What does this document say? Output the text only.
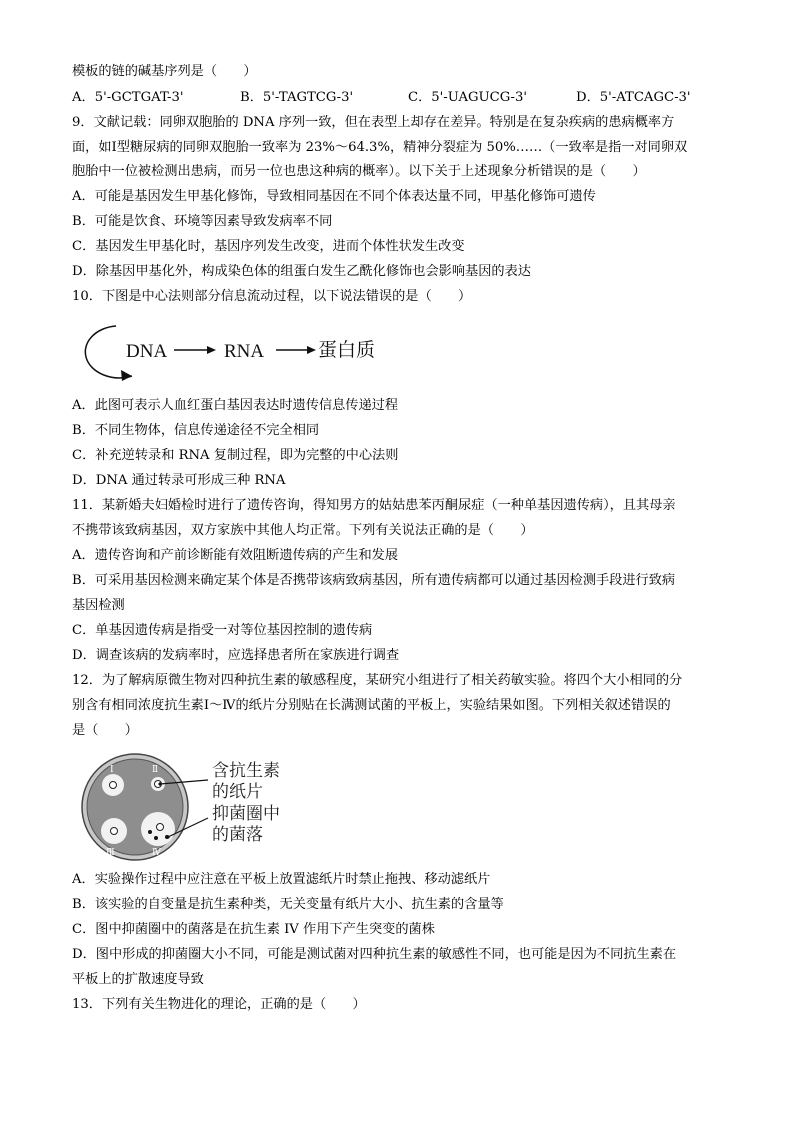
模板的链的碱基序列是（　　）
A．5'-GCTGAT-3'	B．5'-TAGTCG-3'	C．5'-UAGUCG-3'	D．5'-ATCAGC-3'
9．文献记载：同卵双胞胎的 DNA 序列一致，但在表型上却存在差异。特别是在复杂疾病的患病概率方
面，如Ⅰ型糖尿病的同卵双胞胎一致率为 23%～64.3%，精神分裂症为 50%……（一致率是指一对同卵双
胞胎中一位被检测出患病，而另一位也患这种病的概率）。以下关于上述现象分析错误的是（　　）
A．可能是基因发生甲基化修饰，导致相同基因在不同个体表达量不同，甲基化修饰可遗传
B．可能是饮食、环境等因素导致发病率不同
C．基因发生甲基化时，基因序列发生改变，进而个体性状发生改变
D．除基因甲基化外，构成染色体的组蛋白发生乙酰化修饰也会影响基因的表达
10．下图是中心法则部分信息流动过程，以下说法错误的是（　　）
DNA	RNA	蛋白质
A．此图可表示人血红蛋白基因表达时遗传信息传递过程
B．不同生物体，信息传递途径不完全相同
C．补充逆转录和 RNA 复制过程，即为完整的中心法则
D．DNA 通过转录可形成三种 RNA
11．某新婚夫妇婚检时进行了遗传咨询，得知男方的姑姑患苯丙酮尿症（一种单基因遗传病），且其母亲
不携带该致病基因，双方家族中其他人均正常。下列有关说法正确的是（　　）
A．遗传咨询和产前诊断能有效阻断遗传病的产生和发展
B．可采用基因检测来确定某个体是否携带该病致病基因，所有遗传病都可以通过基因检测手段进行致病
基因检测
C．单基因遗传病是指受一对等位基因控制的遗传病
D．调查该病的发病率时，应选择患者所在家族进行调查
12．为了解病原微生物对四种抗生素的敏感程度，某研究小组进行了相关药敏实验。将四个大小相同的分
别含有相同浓度抗生素Ⅰ～Ⅳ的纸片分别贴在长满测试菌的平板上，实验结果如图。下列相关叙述错误的
是（　　）
Ⅰ	Ⅱ
Ⅲ	Ⅳ
含抗生素
的纸片
抑菌圈中
的菌落
A．实验操作过程中应注意在平板上放置滤纸片时禁止拖拽、移动滤纸片
B．该实验的自变量是抗生素种类，无关变量有纸片大小、抗生素的含量等
C．图中抑菌圈中的菌落是在抗生素 IV 作用下产生突变的菌株
D．图中形成的抑菌圈大小不同，可能是测试菌对四种抗生素的敏感性不同，也可能是因为不同抗生素在
平板上的扩散速度导致
13．下列有关生物进化的理论，正确的是（　　）
